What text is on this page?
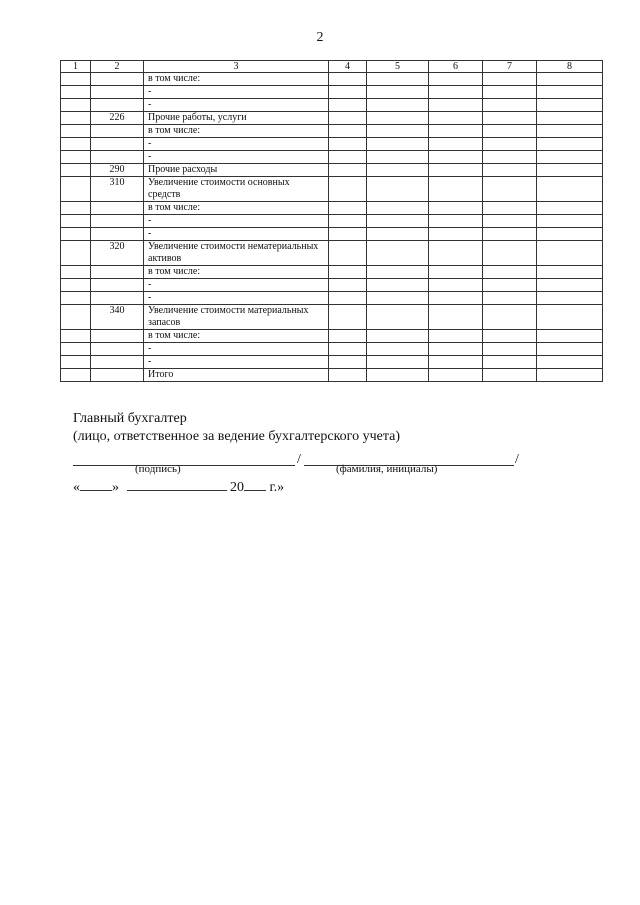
2
1	2	3	4	5	6	7	8
		в том числе:					
		-					
		-					
	226	Прочие работы, услуги					
		в том числе:					
		-					
		-					
	290	Прочие расходы					
	310	Увеличение стоимости основных средств					
		в том числе:					
		-					
		-					
	320	Увеличение стоимости нематериальных активов					
		в том числе:					
		-					
		-					
	340	Увеличение стоимости материальных запасов					
		в том числе:					
		-					
		-					
		Итого					
Главный бухгалтер
(лицо, ответственное за ведение бухгалтерского учета)
/	/
(подпись)	(фамилия, инициалы)
« »	20 г.»
